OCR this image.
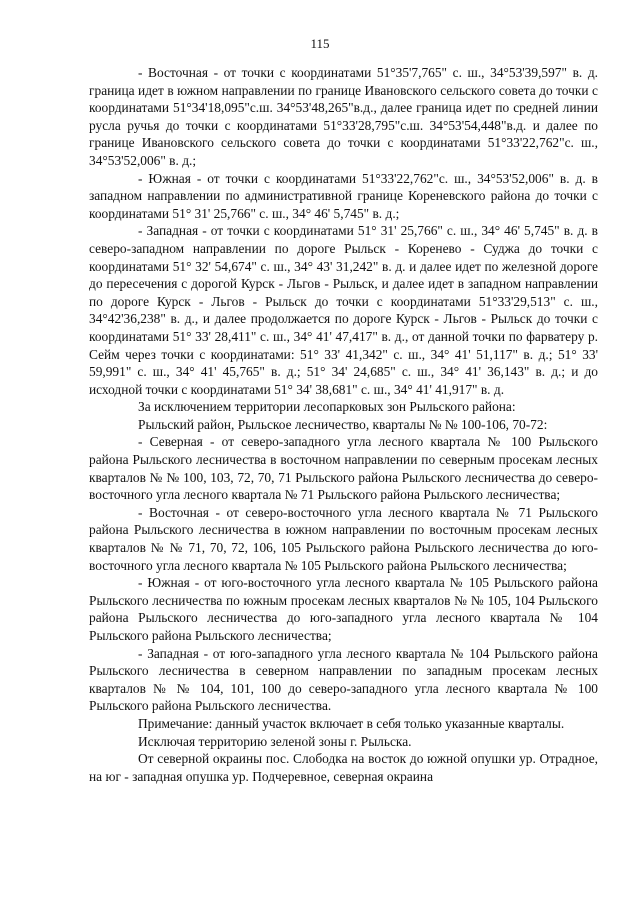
115

- Восточная - от точки с координатами 51°35'7,765" с. ш., 34°53'39,597" в. д. граница идет в южном направлении по границе Ивановского сельского совета до точки с координатами 51°34'18,095"с.ш. 34°53'48,265"в.д., далее граница идет по средней линии русла ручья до точки с координатами 51°33'28,795"с.ш. 34°53'54,448"в.д. и далее по границе Ивановского сельского совета до точки с координатами 51°33'22,762"с. ш., 34°53'52,006" в. д.;

- Южная - от точки с координатами 51°33'22,762"с. ш., 34°53'52,006" в. д. в западном направлении по административной границе Кореневского района до точки с координатами 51° 31' 25,766" с. ш., 34° 46' 5,745" в. д.;

- Западная - от точки с координатами 51° 31' 25,766" с. ш., 34° 46' 5,745" в. д. в северо-западном направлении по дороге Рыльск - Коренево - Суджа до точки с координатами 51° 32' 54,674" с. ш., 34° 43' 31,242" в. д. и далее идет по железной дороге до пересечения с дорогой Курск - Льгов - Рыльск, и далее идет в западном направлении по дороге Курск - Льгов - Рыльск до точки с координатами 51°33'29,513" с. ш., 34°42'36,238" в. д., и далее продолжается по дороге Курск - Льгов - Рыльск до точки с координатами 51° 33' 28,411" с. ш., 34° 41' 47,417" в. д., от данной точки по фарватеру р. Сейм через точки с координатами: 51° 33' 41,342" с. ш., 34° 41' 51,117" в. д.; 51° 33' 59,991" с. ш., 34° 41' 45,765" в. д.; 51° 34' 24,685" с. ш., 34° 41' 36,143" в. д.; и до исходной точки с координатами 51° 34' 38,681" с. ш., 34° 41' 41,917" в. д.

За исключением территории лесопарковых зон Рыльского района:

Рыльский район, Рыльское лесничество, кварталы № № 100-106, 70-72:

- Северная - от северо-западного угла лесного квартала № 100 Рыльского района Рыльского лесничества в восточном направлении по северным просекам лесных кварталов № № 100, 103, 72, 70, 71 Рыльского района Рыльского лесничества до северо-восточного угла лесного квартала № 71 Рыльского района Рыльского лесничества;

- Восточная - от северо-восточного угла лесного квартала № 71 Рыльского района Рыльского лесничества в южном направлении по восточным просекам лесных кварталов № № 71, 70, 72, 106, 105 Рыльского района Рыльского лесничества до юго-восточного угла лесного квартала № 105 Рыльского района Рыльского лесничества;

- Южная - от юго-восточного угла лесного квартала № 105 Рыльского района Рыльского лесничества по южным просекам лесных кварталов № № 105, 104 Рыльского района Рыльского лесничества до юго-западного угла лесного квартала № 104 Рыльского района Рыльского лесничества;

- Западная - от юго-западного угла лесного квартала № 104 Рыльского района Рыльского лесничества в северном направлении по западным просекам лесных кварталов № № 104, 101, 100 до северо-западного угла лесного квартала № 100 Рыльского района Рыльского лесничества.

Примечание: данный участок включает в себя только указанные кварталы.

Исключая территорию зеленой зоны г. Рыльска.

От северной окраины пос. Слободка на восток до южной опушки ур. Отрадное, на юг - западная опушка ур. Подчеревное, северная окраина
